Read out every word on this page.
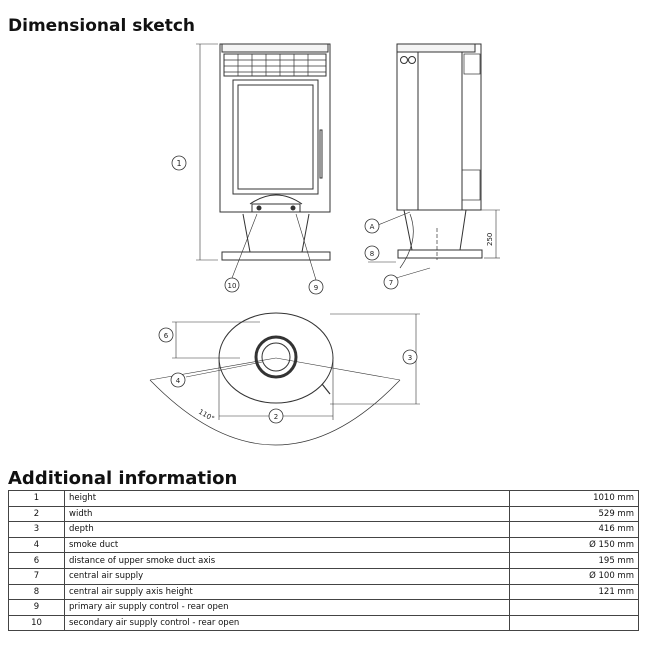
Dimensional sketch
1
10	9
250
A
8
7
3
6
4
2
110°
Additional information
1	height	1010 mm
2	width	529 mm
3	depth	416 mm
4	smoke duct	Ø 150 mm
6	distance of upper smoke duct axis	195 mm
7	central air supply	Ø 100 mm
8	central air supply axis height	121 mm
9	primary air supply control - rear open	
10	secondary air supply control - rear open	
